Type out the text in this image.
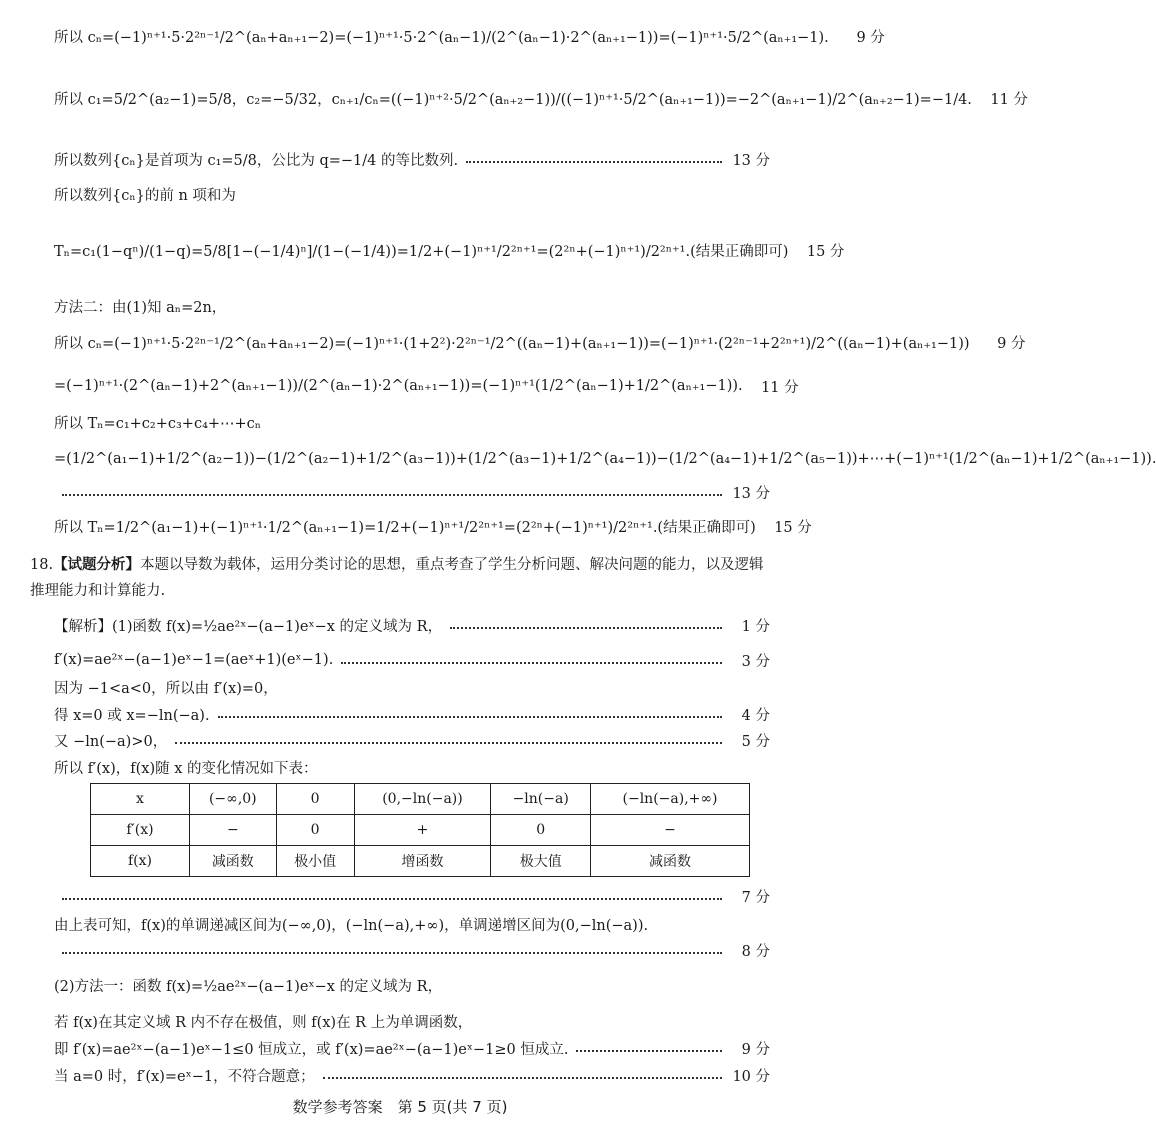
所以 cₙ=(−1)ⁿ⁺¹·5·2²ⁿ⁻¹/2^(aₙ+aₙ₊₁−2)=(−1)ⁿ⁺¹·5·2^(aₙ−1)/(2^(aₙ−1)·2^(aₙ₊₁−1))=(−1)ⁿ⁺¹·5/2^(aₙ₊₁−1).	9 分
所以 c₁=5/2^(a₂−1)=5/8，c₂=−5/32，cₙ₊₁/cₙ=((−1)ⁿ⁺²·5/2^(aₙ₊₂−1))/((−1)ⁿ⁺¹·5/2^(aₙ₊₁−1))=−2^(aₙ₊₁−1)/2^(aₙ₊₂−1)=−1/4. 11 分
所以数列{cₙ}是首项为 c₁=5/8，公比为 q=−1/4 的等比数列.	13 分
所以数列{cₙ}的前 n 项和为
Tₙ=c₁(1−qⁿ)/(1−q)=5/8[1−(−1/4)ⁿ]/(1−(−1/4))=1/2+(−1)ⁿ⁺¹/2²ⁿ⁺¹=(2²ⁿ+(−1)ⁿ⁺¹)/2²ⁿ⁺¹.(结果正确即可) 15 分
方法二：由(1)知 aₙ=2n，
所以 cₙ=(−1)ⁿ⁺¹·5·2²ⁿ⁻¹/2^(aₙ+aₙ₊₁−2)=(−1)ⁿ⁺¹·(1+2²)·2²ⁿ⁻¹/2^((aₙ−1)+(aₙ₊₁−1))=(−1)ⁿ⁺¹·(2²ⁿ⁻¹+2²ⁿ⁺¹)/2^((aₙ−1)+(aₙ₊₁−1))	9 分
=(−1)ⁿ⁺¹·(2^(aₙ−1)+2^(aₙ₊₁−1))/(2^(aₙ−1)·2^(aₙ₊₁−1))=(−1)ⁿ⁺¹(1/2^(aₙ−1)+1/2^(aₙ₊₁−1)). 11 分
所以 Tₙ=c₁+c₂+c₃+c₄+⋯+cₙ
=(1/2^(a₁−1)+1/2^(a₂−1))−(1/2^(a₂−1)+1/2^(a₃−1))+(1/2^(a₃−1)+1/2^(a₄−1))−(1/2^(a₄−1)+1/2^(a₅−1))+⋯+(−1)ⁿ⁺¹(1/2^(aₙ−1)+1/2^(aₙ₊₁−1)).
13 分
所以 Tₙ=1/2^(a₁−1)+(−1)ⁿ⁺¹·1/2^(aₙ₊₁−1)=1/2+(−1)ⁿ⁺¹/2²ⁿ⁺¹=(2²ⁿ+(−1)ⁿ⁺¹)/2²ⁿ⁺¹.(结果正确即可) 15 分
【解析】(1)函数 f(x)=½ae²ˣ−(a−1)eˣ−x 的定义域为 R，	1 分
f′(x)=ae²ˣ−(a−1)eˣ−1=(aeˣ+1)(eˣ−1).	3 分
因为 −1<a<0，所以由 f′(x)=0，
得 x=0 或 x=−ln(−a).	4 分
又 −ln(−a)>0，	5 分
所以 f′(x)，f(x)随 x 的变化情况如下表：
7 分
由上表可知，f(x)的单调递减区间为(−∞,0)，(−ln(−a),+∞)，单调递增区间为(0,−ln(−a)).
8 分
(2)方法一：函数 f(x)=½ae²ˣ−(a−1)eˣ−x 的定义域为 R，
若 f(x)在其定义域 R 内不存在极值，则 f(x)在 R 上为单调函数，
即 f′(x)=ae²ˣ−(a−1)eˣ−1≤0 恒成立，或 f′(x)=ae²ˣ−(a−1)eˣ−1≥0 恒成立.	9 分
当 a=0 时，f′(x)=eˣ−1，不符合题意；	10 分
18.【试题分析】本题以导数为载体，运用分类讨论的思想，重点考查了学生分析问题、解决问题的能力，以及逻辑推理能力和计算能力.
x	(−∞,0)	0	(0,−ln(−a))	−ln(−a)	(−ln(−a),+∞)
f′(x)	−	0	+	0	−
f(x)	减函数	极小值	增函数	极大值	减函数
数学参考答案　第 5 页(共 7 页)
